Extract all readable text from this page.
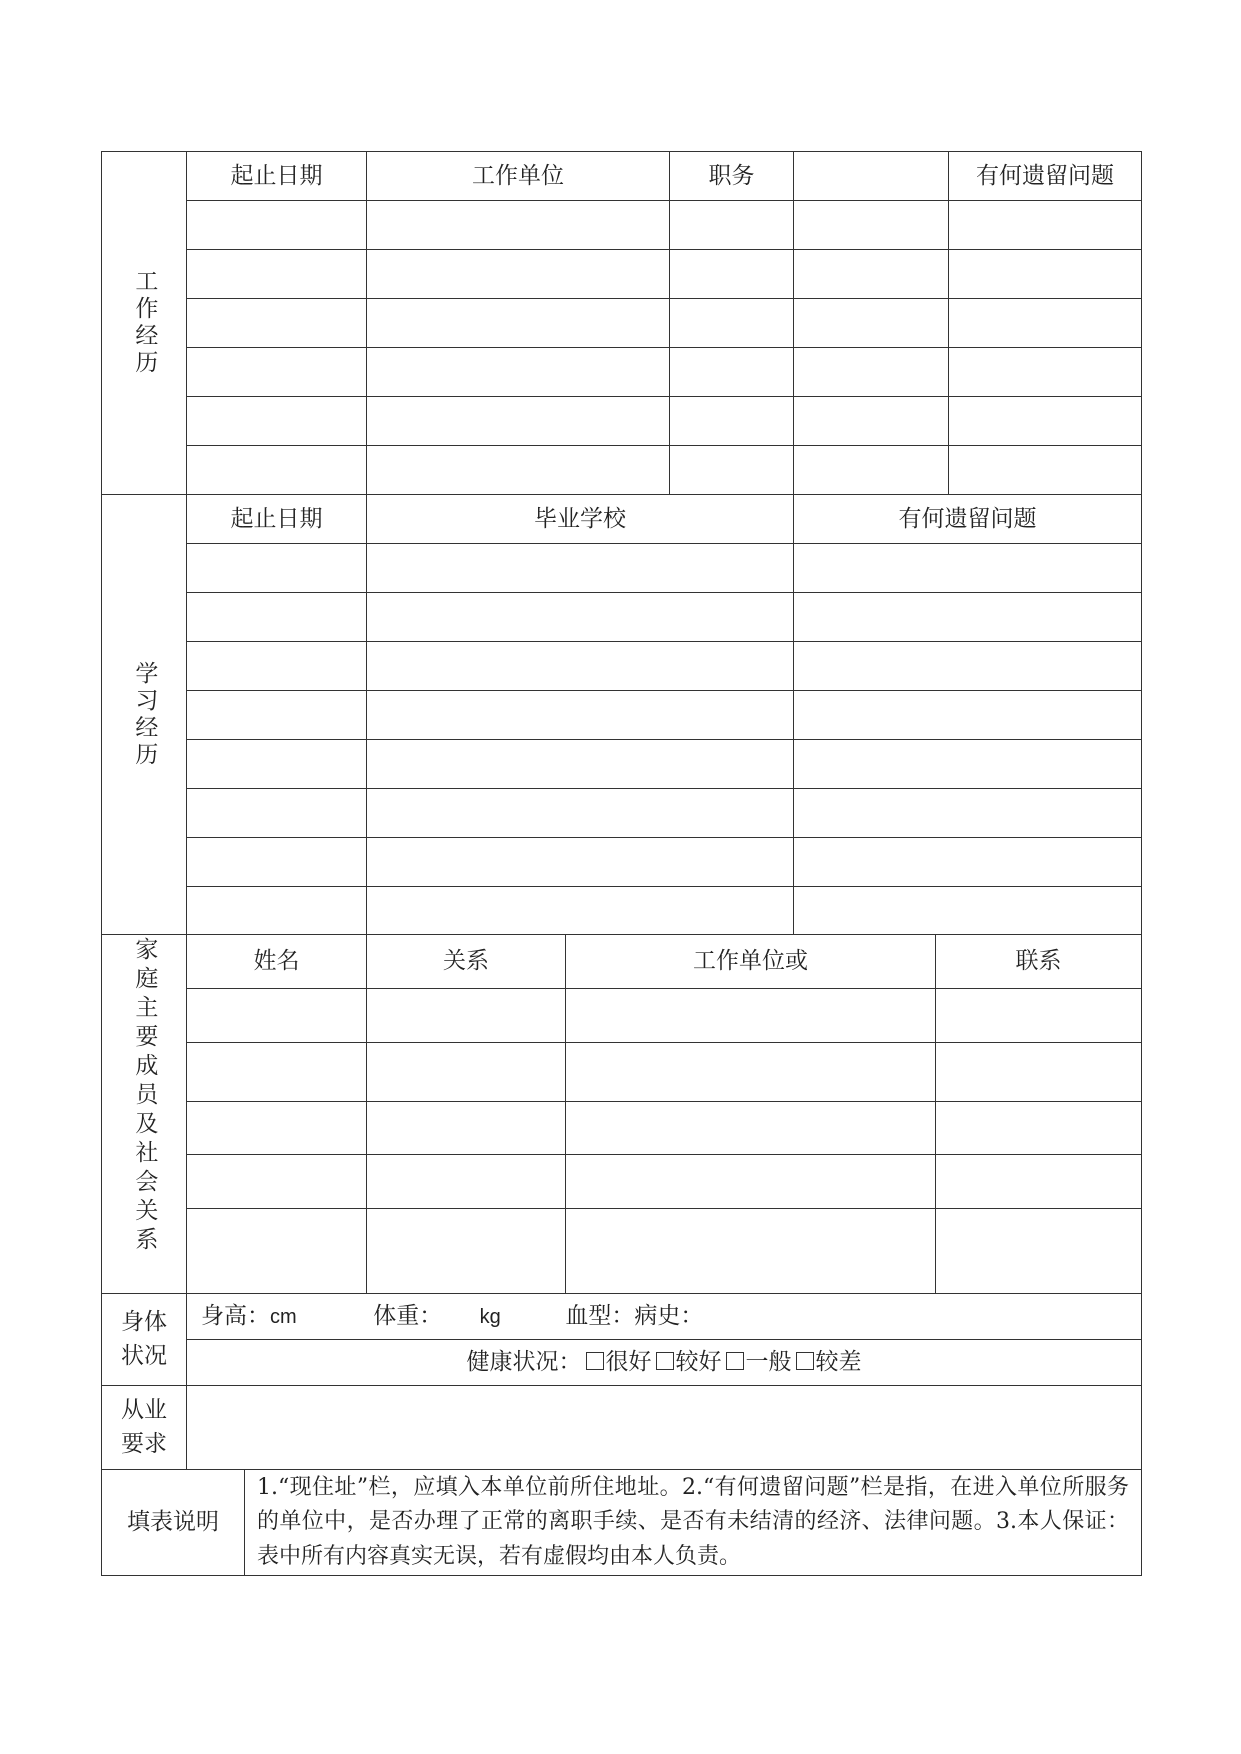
工作经历	起止日期	工作单位	职务		有何遗留问题

学习经历	起止日期	毕业学校	有何遗留问题

家庭主要成员及社会关系	姓名	关系	工作单位或	联系

身体状况	身高：cm 体重： kg 血型：病史：
	健康状况： 很好 较好 一般 较差

从业要求	

填表说明	1.“现住址”栏，应填入本单位前所住地址。2.“有何遗留问题”栏是指，在进入单位所服务的单位中，是否办理了正常的离职手续、是否有未结清的经济、法律问题。3.本人保证：表中所有内容真实无误，若有虚假均由本人负责。
